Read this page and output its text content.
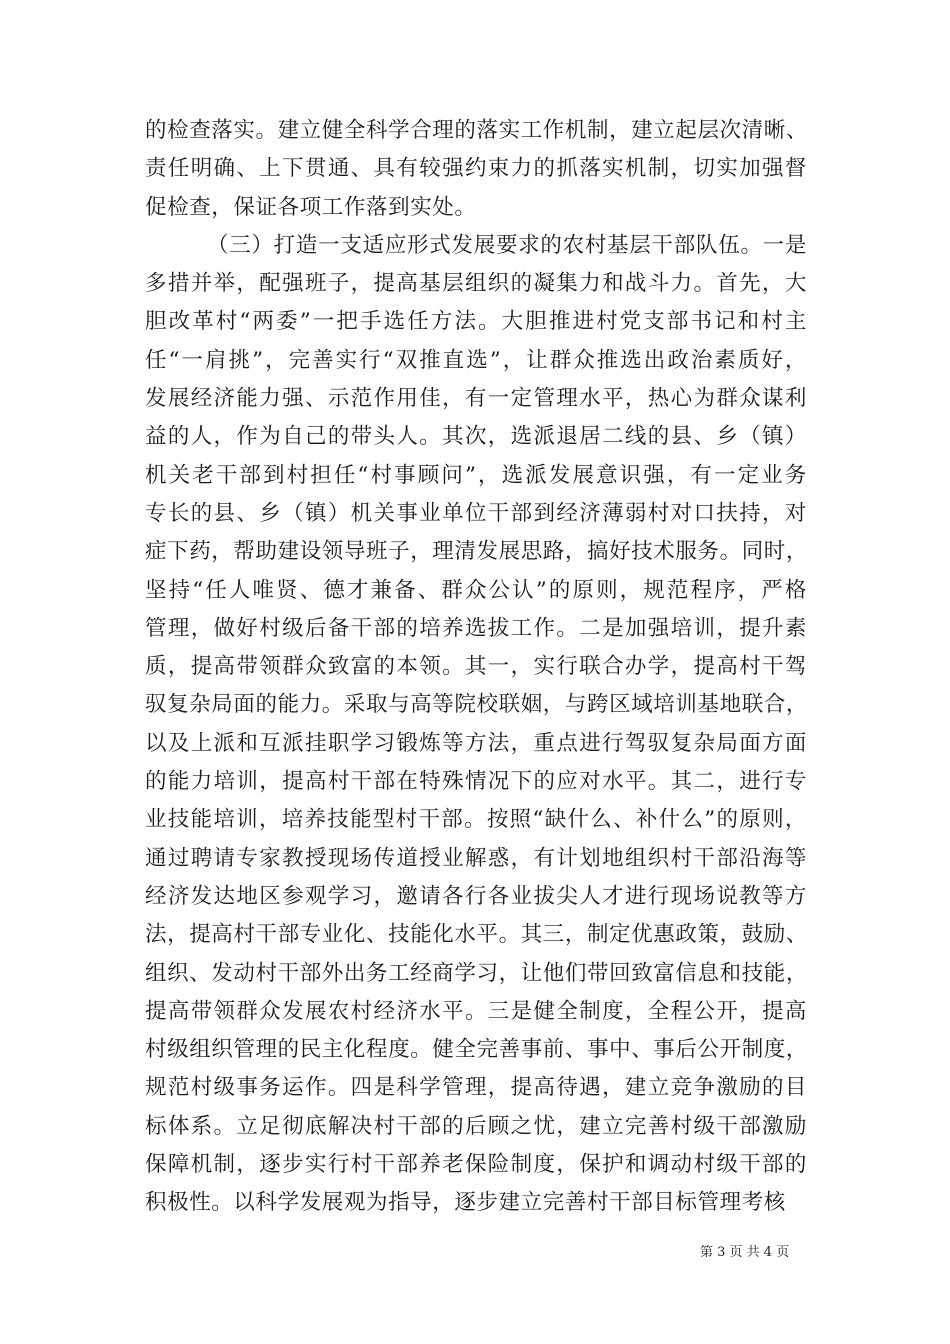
的检查落实。建立健全科学合理的落实工作机制，建立起层次清晰、
责任明确、上下贯通、具有较强约束力的抓落实机制，切实加强督
促检查，保证各项工作落到实处。
（三）打造一支适应形式发展要求的农村基层干部队伍。一是
多措并举，配强班子，提高基层组织的凝集力和战斗力。首先，大
胆改革村“两委”一把手选任方法。大胆推进村党支部书记和村主
任“一肩挑”，完善实行“双推直选”，让群众推选出政治素质好，
发展经济能力强、示范作用佳，有一定管理水平，热心为群众谋利
益的人，作为自己的带头人。其次，选派退居二线的县、乡（镇）
机关老干部到村担任“村事顾问”，选派发展意识强，有一定业务
专长的县、乡（镇）机关事业单位干部到经济薄弱村对口扶持，对
症下药，帮助建设领导班子，理清发展思路，搞好技术服务。同时，
坚持“任人唯贤、德才兼备、群众公认”的原则，规范程序，严格
管理，做好村级后备干部的培养选拔工作。二是加强培训，提升素
质，提高带领群众致富的本领。其一，实行联合办学，提高村干驾
驭复杂局面的能力。采取与高等院校联姻，与跨区域培训基地联合，
以及上派和互派挂职学习锻炼等方法，重点进行驾驭复杂局面方面
的能力培训，提高村干部在特殊情况下的应对水平。其二，进行专
业技能培训，培养技能型村干部。按照“缺什么、补什么”的原则，
通过聘请专家教授现场传道授业解惑，有计划地组织村干部沿海等
经济发达地区参观学习，邀请各行各业拔尖人才进行现场说教等方
法，提高村干部专业化、技能化水平。其三，制定优惠政策，鼓励、
组织、发动村干部外出务工经商学习，让他们带回致富信息和技能，
提高带领群众发展农村经济水平。三是健全制度，全程公开，提高
村级组织管理的民主化程度。健全完善事前、事中、事后公开制度，
规范村级事务运作。四是科学管理，提高待遇，建立竞争激励的目
标体系。立足彻底解决村干部的后顾之忧，建立完善村级干部激励
保障机制，逐步实行村干部养老保险制度，保护和调动村级干部的
积极性。以科学发展观为指导，逐步建立完善村干部目标管理考核
第 3 页 共 4 页
